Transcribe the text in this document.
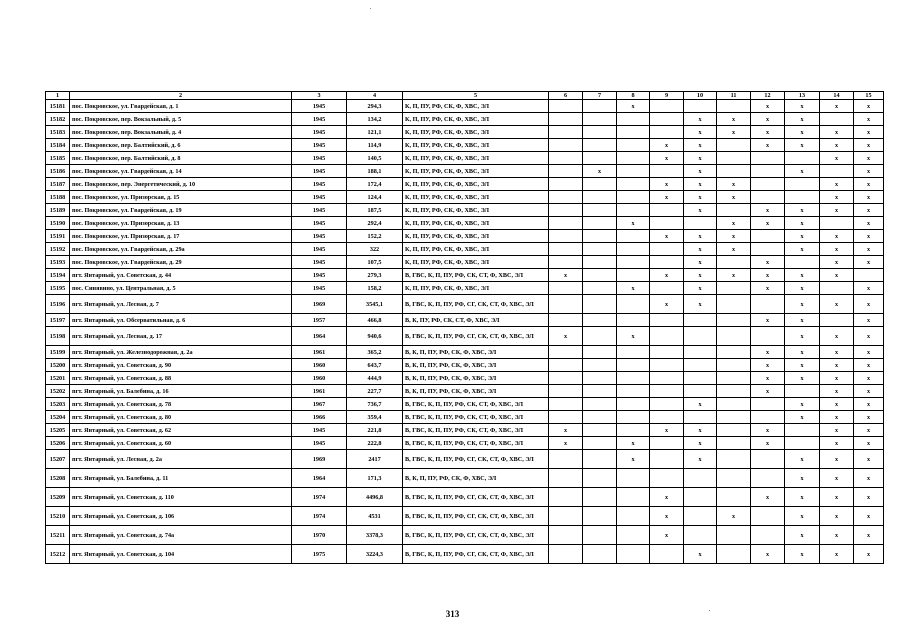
1	2	3	4	5	6	7	8	9	10	11	12	13	14	15
15181	пос. Покровское, ул. Гвардейская, д. 1	1945	294,3	К, П, ПУ, РФ, СК, Ф, ХВС, ЭЛ			х				х	х	х	х
15182	пос. Покровское, пер. Вокзальный, д. 5	1945	134,2	К, П, ПУ, РФ, СК, Ф, ХВС, ЭЛ					х	х	х	х		х
15183	пос. Покровское, пер. Вокзальный, д. 4	1945	121,1	К, П, ПУ, РФ, СК, Ф, ХВС, ЭЛ					х	х	х	х	х	х
15184	пос. Покровское, пер. Балтийский, д. 6	1945	114,9	К, П, ПУ, РФ, СК, Ф, ХВС, ЭЛ				х	х		х	х	х	х
15185	пос. Покровское, пер. Балтийский, д. 8	1945	140,5	К, П, ПУ, РФ, СК, Ф, ХВС, ЭЛ				х	х				х	х
15186	пос. Покровское, ул. Гвардейская, д. 14	1945	188,1	К, П, ПУ, РФ, СК, Ф, ХВС, ЭЛ		х			х			х		х
15187	пос. Покровское, пер. Энергетический, д. 10	1945	172,4	К, П, ПУ, РФ, СК, Ф, ХВС, ЭЛ				х	х	х			х	х
15188	пос. Покровское, ул. Призорская, д. 15	1945	124,4	К, П, ПУ, РФ, СК, Ф, ХВС, ЭЛ				х	х	х			х	х
15189	пос. Покровское, ул. Гвардейская, д. 19	1945	187,5	К, П, ПУ, РФ, СК, Ф, ХВС, ЭЛ					х		х	х	х	х
15190	пос. Покровское, ул. Призорская, д. 13	1945	292,4	К, П, ПУ, РФ, СК, Ф, ХВС, ЭЛ			х			х	х	х		х
15191	пос. Покровское, ул. Призорская, д. 17	1945	152,2	К, П, ПУ, РФ, СК, Ф, ХВС, ЭЛ				х	х	х		х	х	х
15192	пос. Покровское, ул. Гвардейская, д. 29а	1945	322	К, П, ПУ, РФ, СК, Ф, ХВС, ЭЛ					х	х		х	х	х
15193	пос. Покровское, ул. Гвардейская, д. 29	1945	107,5	К, П, ПУ, РФ, СК, Ф, ХВС, ЭЛ					х		х		х	х
15194	пгт. Янтарный, ул. Советская, д. 44	1945	279,3	В, ГВС, К, П, ПУ, РФ, СК, СТ, Ф, ХВС, ЭЛ	х			х	х	х	х	х	х	
15195	пос. Синявино, ул. Центральная, д. 5	1945	158,2	К, П, ПУ, РФ, СК, Ф, ХВС, ЭЛ			х		х		х	х		х
15196	пгт. Янтарный, ул. Лесная, д. 7	1969	3545,1	В, ГВС, К, П, ПУ, РФ, СГ, СК, СТ, Ф, ХВС, ЭЛ				х	х			х	х	х
15197	пгт. Янтарный, ул. Обсерватильная, д. 6	1957	466,8	В, К, ПУ, РФ, СК, СТ, Ф, ХВС, ЭЛ							х	х		х
15198	пгт. Янтарный, ул. Лесная, д. 17	1964	940,6	В, ГВС, К, П, ПУ, РФ, СГ, СК, СТ, Ф, ХВС, ЭЛ	х		х					х	х	х
15199	пгт. Янтарный, ул. Железнодорожная, д. 2а	1961	365,2	В, К, П, ПУ, РФ, СК, Ф, ХВС, ЭЛ							х	х	х	х
15200	пгт. Янтарный, ул. Советская, д. 90	1960	643,7	В, К, П, ПУ, РФ, СК, Ф, ХВС, ЭЛ							х	х	х	х
15201	пгт. Янтарный, ул. Советская, д. 88	1960	444,9	В, К, П, ПУ, РФ, СК, Ф, ХВС, ЭЛ							х	х	х	х
15202	пгт. Янтарный, ул. Балебина, д. 16	1961	227,7	В, К, П, ПУ, РФ, СК, Ф, ХВС, ЭЛ							х		х	х
15203	пгт. Янтарный, ул. Советская, д. 78	1967	736,7	В, ГВС, К, П, ПУ, РФ, СК, СТ, Ф, ХВС, ЭЛ					х			х	х	х
15204	пгт. Янтарный, ул. Советская, д. 80	1966	359,4	В, ГВС, К, П, ПУ, РФ, СК, СТ, Ф, ХВС, ЭЛ								х	х	х
15205	пгт. Янтарный, ул. Советская, д. 62	1945	221,8	В, ГВС, К, П, ПУ, РФ, СК, СТ, Ф, ХВС, ЭЛ	х			х	х		х		х	х
15206	пгт. Янтарный, ул. Советская, д. 60	1945	222,8	В, ГВС, К, П, ПУ, РФ, СК, СТ, Ф, ХВС, ЭЛ	х		х		х		х		х	х
15207	пгт. Янтарный, ул. Лесная, д. 2а	1969	2417	В, ГВС, К, П, ПУ, РФ, СГ, СК, СТ, Ф, ХВС, ЭЛ			х		х			х	х	х
15208	пгт. Янтарный, ул. Балебина, д. 11	1964	171,3	В, К, П, ПУ, РФ, СК, Ф, ХВС, ЭЛ								х	х	х
15209	пгт. Янтарный, ул. Советская, д. 110	1974	4496,8	В, ГВС, К, П, ПУ, РФ, СГ, СК, СТ, Ф, ХВС, ЭЛ				х			х	х	х	х
15210	пгт. Янтарный, ул. Советская, д. 106	1974	4531	В, ГВС, К, П, ПУ, РФ, СГ, СК, СТ, Ф, ХВС, ЭЛ				х		х		х	х	х
15211	пгт. Янтарный, ул. Советская, д. 74а	1970	3378,3	В, ГВС, К, П, ПУ, РФ, СГ, СК, СТ, Ф, ХВС, ЭЛ				х				х	х	х
15212	пгт. Янтарный, ул. Советская, д. 104	1975	3224,3	В, ГВС, К, П, ПУ, РФ, СГ, СК, СТ, Ф, ХВС, ЭЛ					х		х	х	х	х
313
